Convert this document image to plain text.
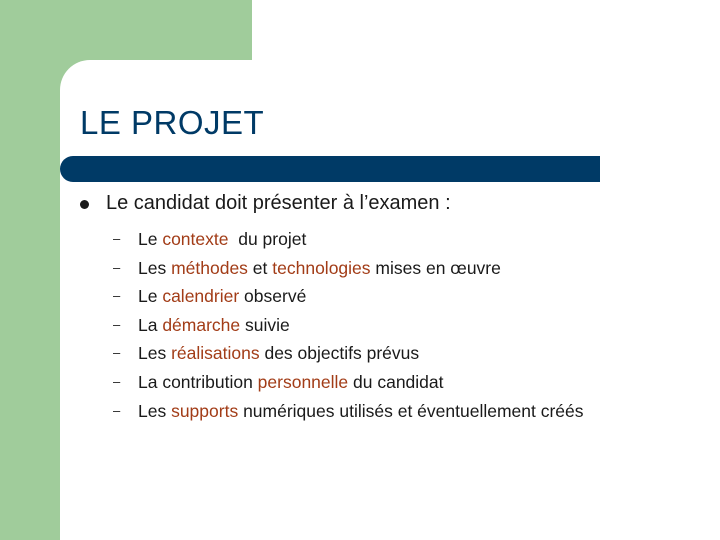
LE PROJET
Le candidat doit présenter à l’examen :
–	Le contexte  du projet
–	Les méthodes et technologies mises en œuvre
–	Le calendrier observé
–	La démarche suivie
–	Les réalisations des objectifs prévus
–	La contribution personnelle du candidat
–	Les supports numériques utilisés et éventuellement créés
